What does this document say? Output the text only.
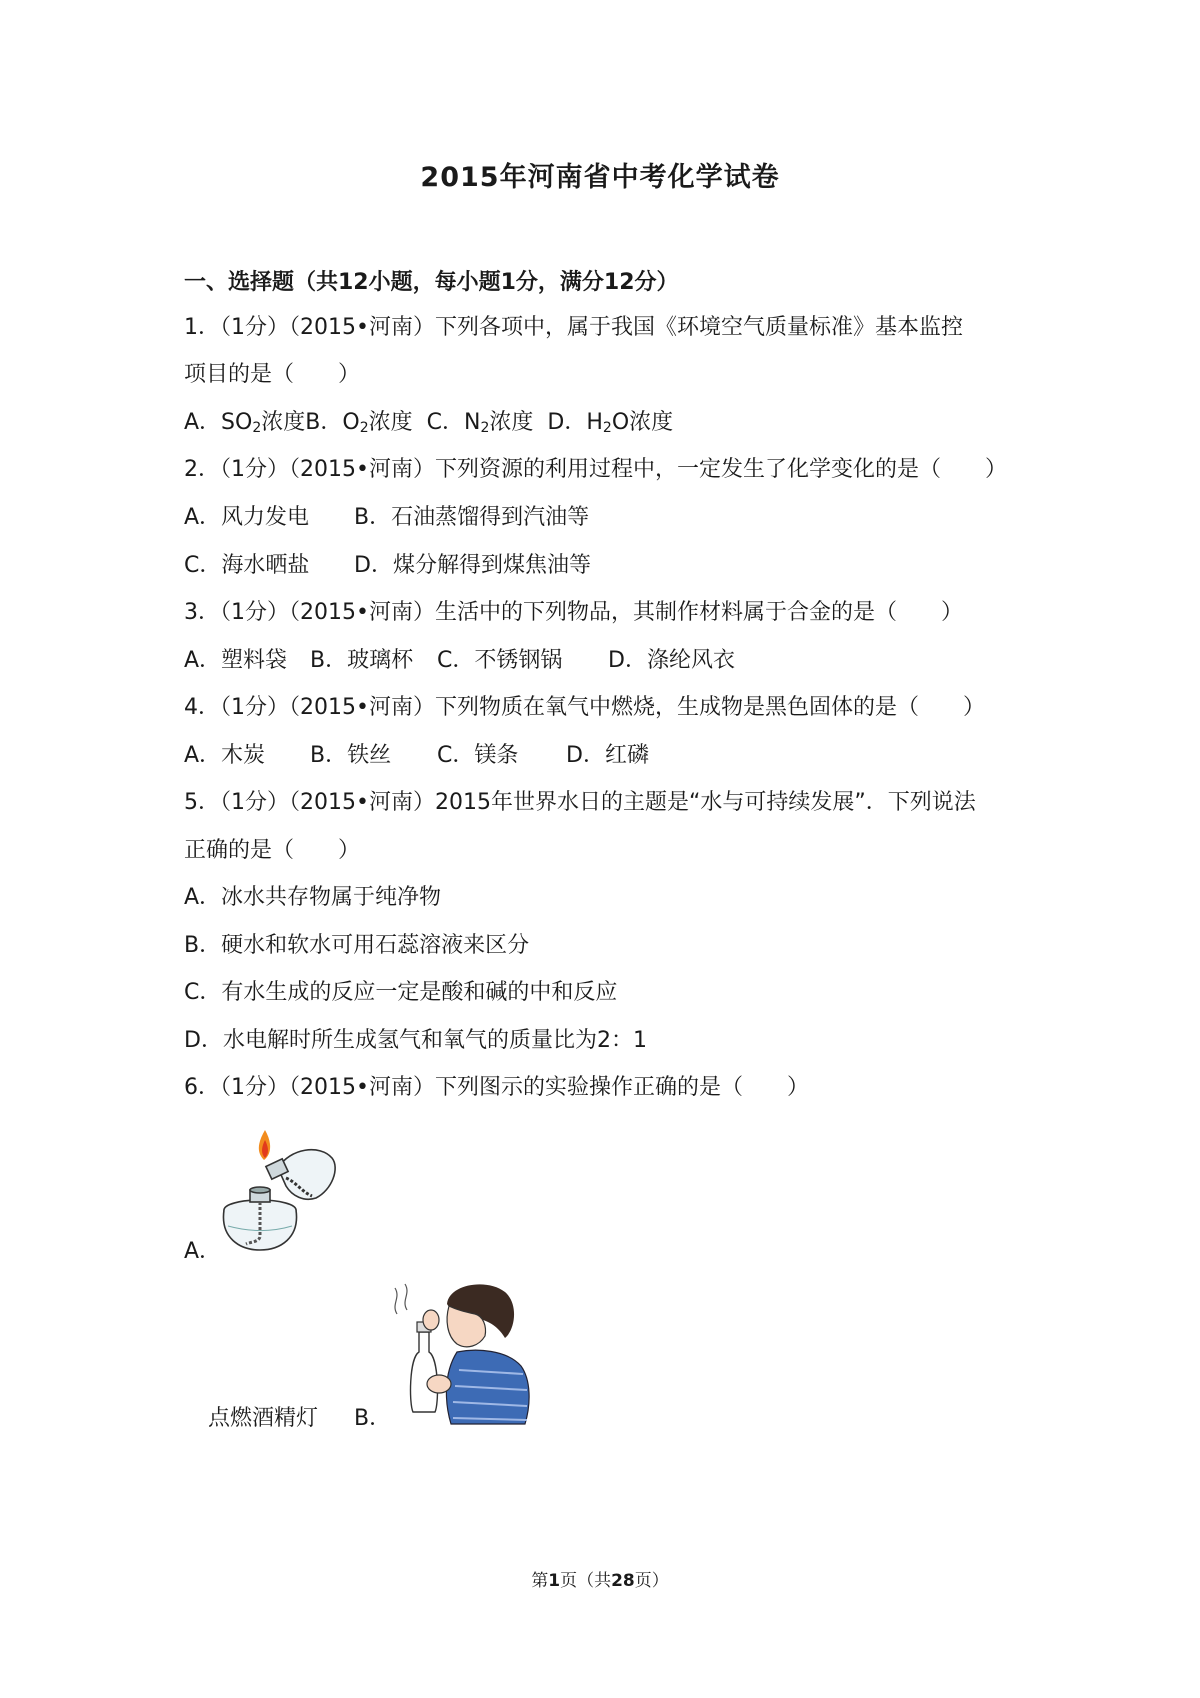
2015年河南省中考化学试卷
一、选择题（共12小题，每小题1分，满分12分）
1．（1分）（2015•河南）下列各项中，属于我国《环境空气质量标准》基本监控
项目的是（　　）
A．$SO_2$浓度B．$O_2$浓度 C．$N_2$浓度 D．$H_2O$浓度
2．（1分）（2015•河南）下列资源的利用过程中，一定发生了化学变化的是（　　）
A．风力发电 B．石油蒸馏得到汽油等
C．海水晒盐 D．煤分解得到煤焦油等
3．（1分）（2015•河南）生活中的下列物品，其制作材料属于合金的是（　　）
A．塑料袋 B．玻璃杯 C．不锈钢锅 D．涤纶风衣
4．（1分）（2015•河南）下列物质在氧气中燃烧，生成物是黑色固体的是（　　）
A．木炭 B．铁丝 C．镁条 D．红磷
5．（1分）（2015•河南）2015年世界水日的主题是“水与可持续发展”．下列说法
正确的是（　　）
A．冰水共存物属于纯净物
B．硬水和软水可用石蕊溶液来区分
C．有水生成的反应一定是酸和碱的中和反应
D．水电解时所生成氢气和氧气的质量比为2：1
6．（1分）（2015•河南）下列图示的实验操作正确的是（　　）
A．
点燃酒精灯 B．
第1页（共28页）
